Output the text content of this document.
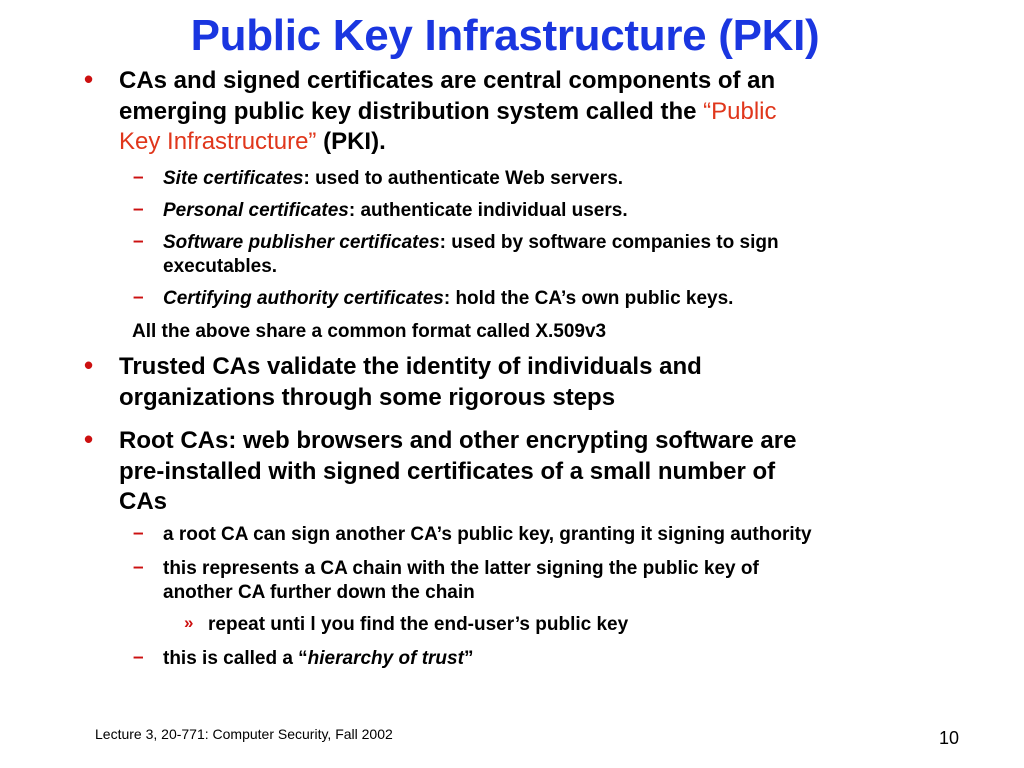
Public Key Infrastructure (PKI)
• CAs and signed certificates are central components of an
emerging public key distribution system called the “Public
Key Infrastructure” (PKI).
– Site certificates: used to authenticate Web servers.
– Personal certificates: authenticate individual users.
– Software publisher certificates: used by software companies to sign
executables.
– Certifying authority certificates: hold the CA’s own public keys.
All the above share a common format called X.509v3
• Trusted CAs validate the identity of individuals and
organizations through some rigorous steps
• Root CAs: web browsers and other encrypting software are
pre-installed with signed certificates of a small number of
CAs
– a root CA can sign another CA’s public key, granting it signing authority
– this represents a CA chain with the latter signing the public key of
another CA further down the chain
» repeat unti l you find the end-user’s public key
– this is called a “hierarchy of trust”
Lecture 3, 20-771: Computer Security, Fall 2002	10
